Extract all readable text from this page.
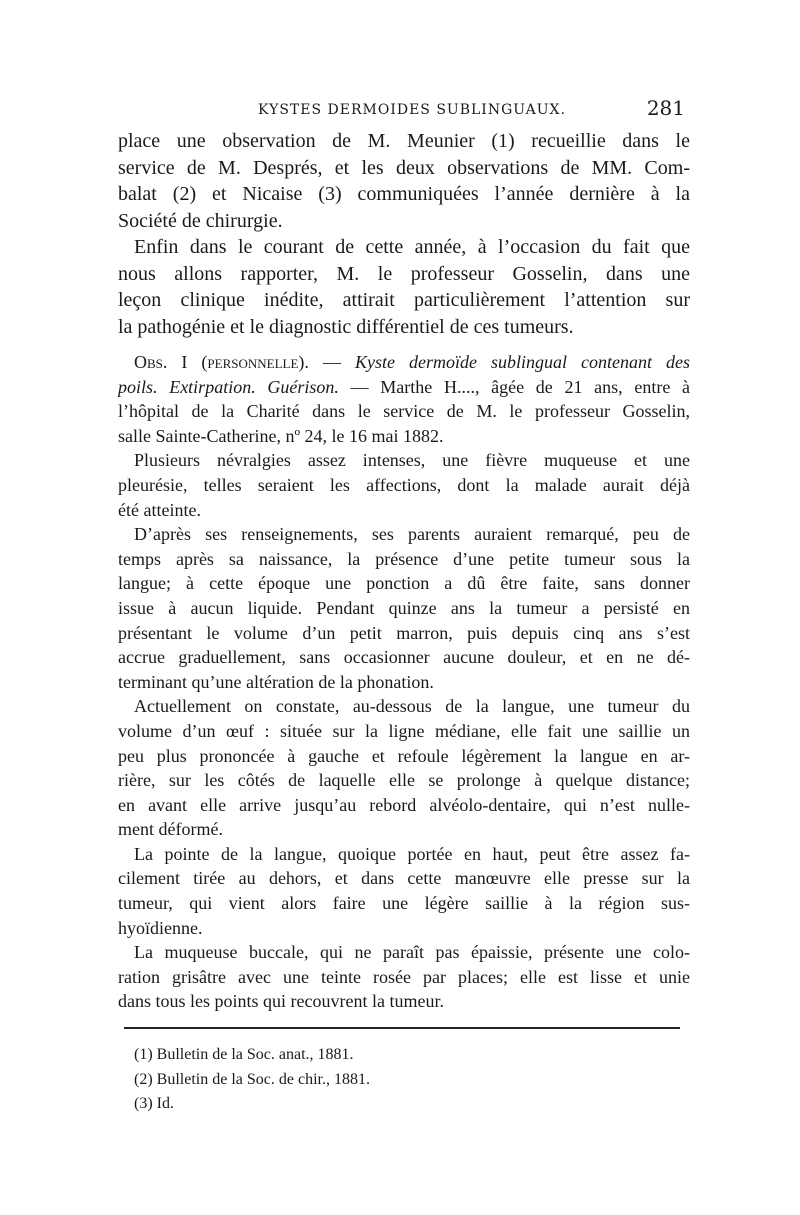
KYSTES DERMOIDES SUBLINGUAUX.	281
place une observation de M. Meunier (1) recueillie dans le
service de M. Després, et les deux observations de MM. Com-
balat (2) et Nicaise (3) communiquées l’année dernière à la
Société de chirurgie.
Enfin dans le courant de cette année, à l’occasion du fait que
nous allons rapporter, M. le professeur Gosselin, dans une
leçon clinique inédite, attirait particulièrement l’attention sur
la pathogénie et le diagnostic différentiel de ces tumeurs.
Obs. I (personnelle). — Kyste dermoïde sublingual contenant des
poils. Extirpation. Guérison. — Marthe H...., âgée de 21 ans, entre à
l’hôpital de la Charité dans le service de M. le professeur Gosselin,
salle Sainte-Catherine, nº 24, le 16 mai 1882.
Plusieurs névralgies assez intenses, une fièvre muqueuse et une
pleurésie, telles seraient les affections, dont la malade aurait déjà
été atteinte.
D’après ses renseignements, ses parents auraient remarqué, peu de
temps après sa naissance, la présence d’une petite tumeur sous la
langue; à cette époque une ponction a dû être faite, sans donner
issue à aucun liquide. Pendant quinze ans la tumeur a persisté en
présentant le volume d’un petit marron, puis depuis cinq ans s’est
accrue graduellement, sans occasionner aucune douleur, et en ne dé-
terminant qu’une altération de la phonation.
Actuellement on constate, au-dessous de la langue, une tumeur du
volume d’un œuf : située sur la ligne médiane, elle fait une saillie un
peu plus prononcée à gauche et refoule légèrement la langue en ar-
rière, sur les côtés de laquelle elle se prolonge à quelque distance;
en avant elle arrive jusqu’au rebord alvéolo-dentaire, qui n’est nulle-
ment déformé.
La pointe de la langue, quoique portée en haut, peut être assez fa-
cilement tirée au dehors, et dans cette manœuvre elle presse sur la
tumeur, qui vient alors faire une légère saillie à la région sus-
hyoïdienne.
La muqueuse buccale, qui ne paraît pas épaissie, présente une colo-
ration grisâtre avec une teinte rosée par places; elle est lisse et unie
dans tous les points qui recouvrent la tumeur.
(1) Bulletin de la Soc. anat., 1881.
(2) Bulletin de la Soc. de chir., 1881.
(3) Id.
